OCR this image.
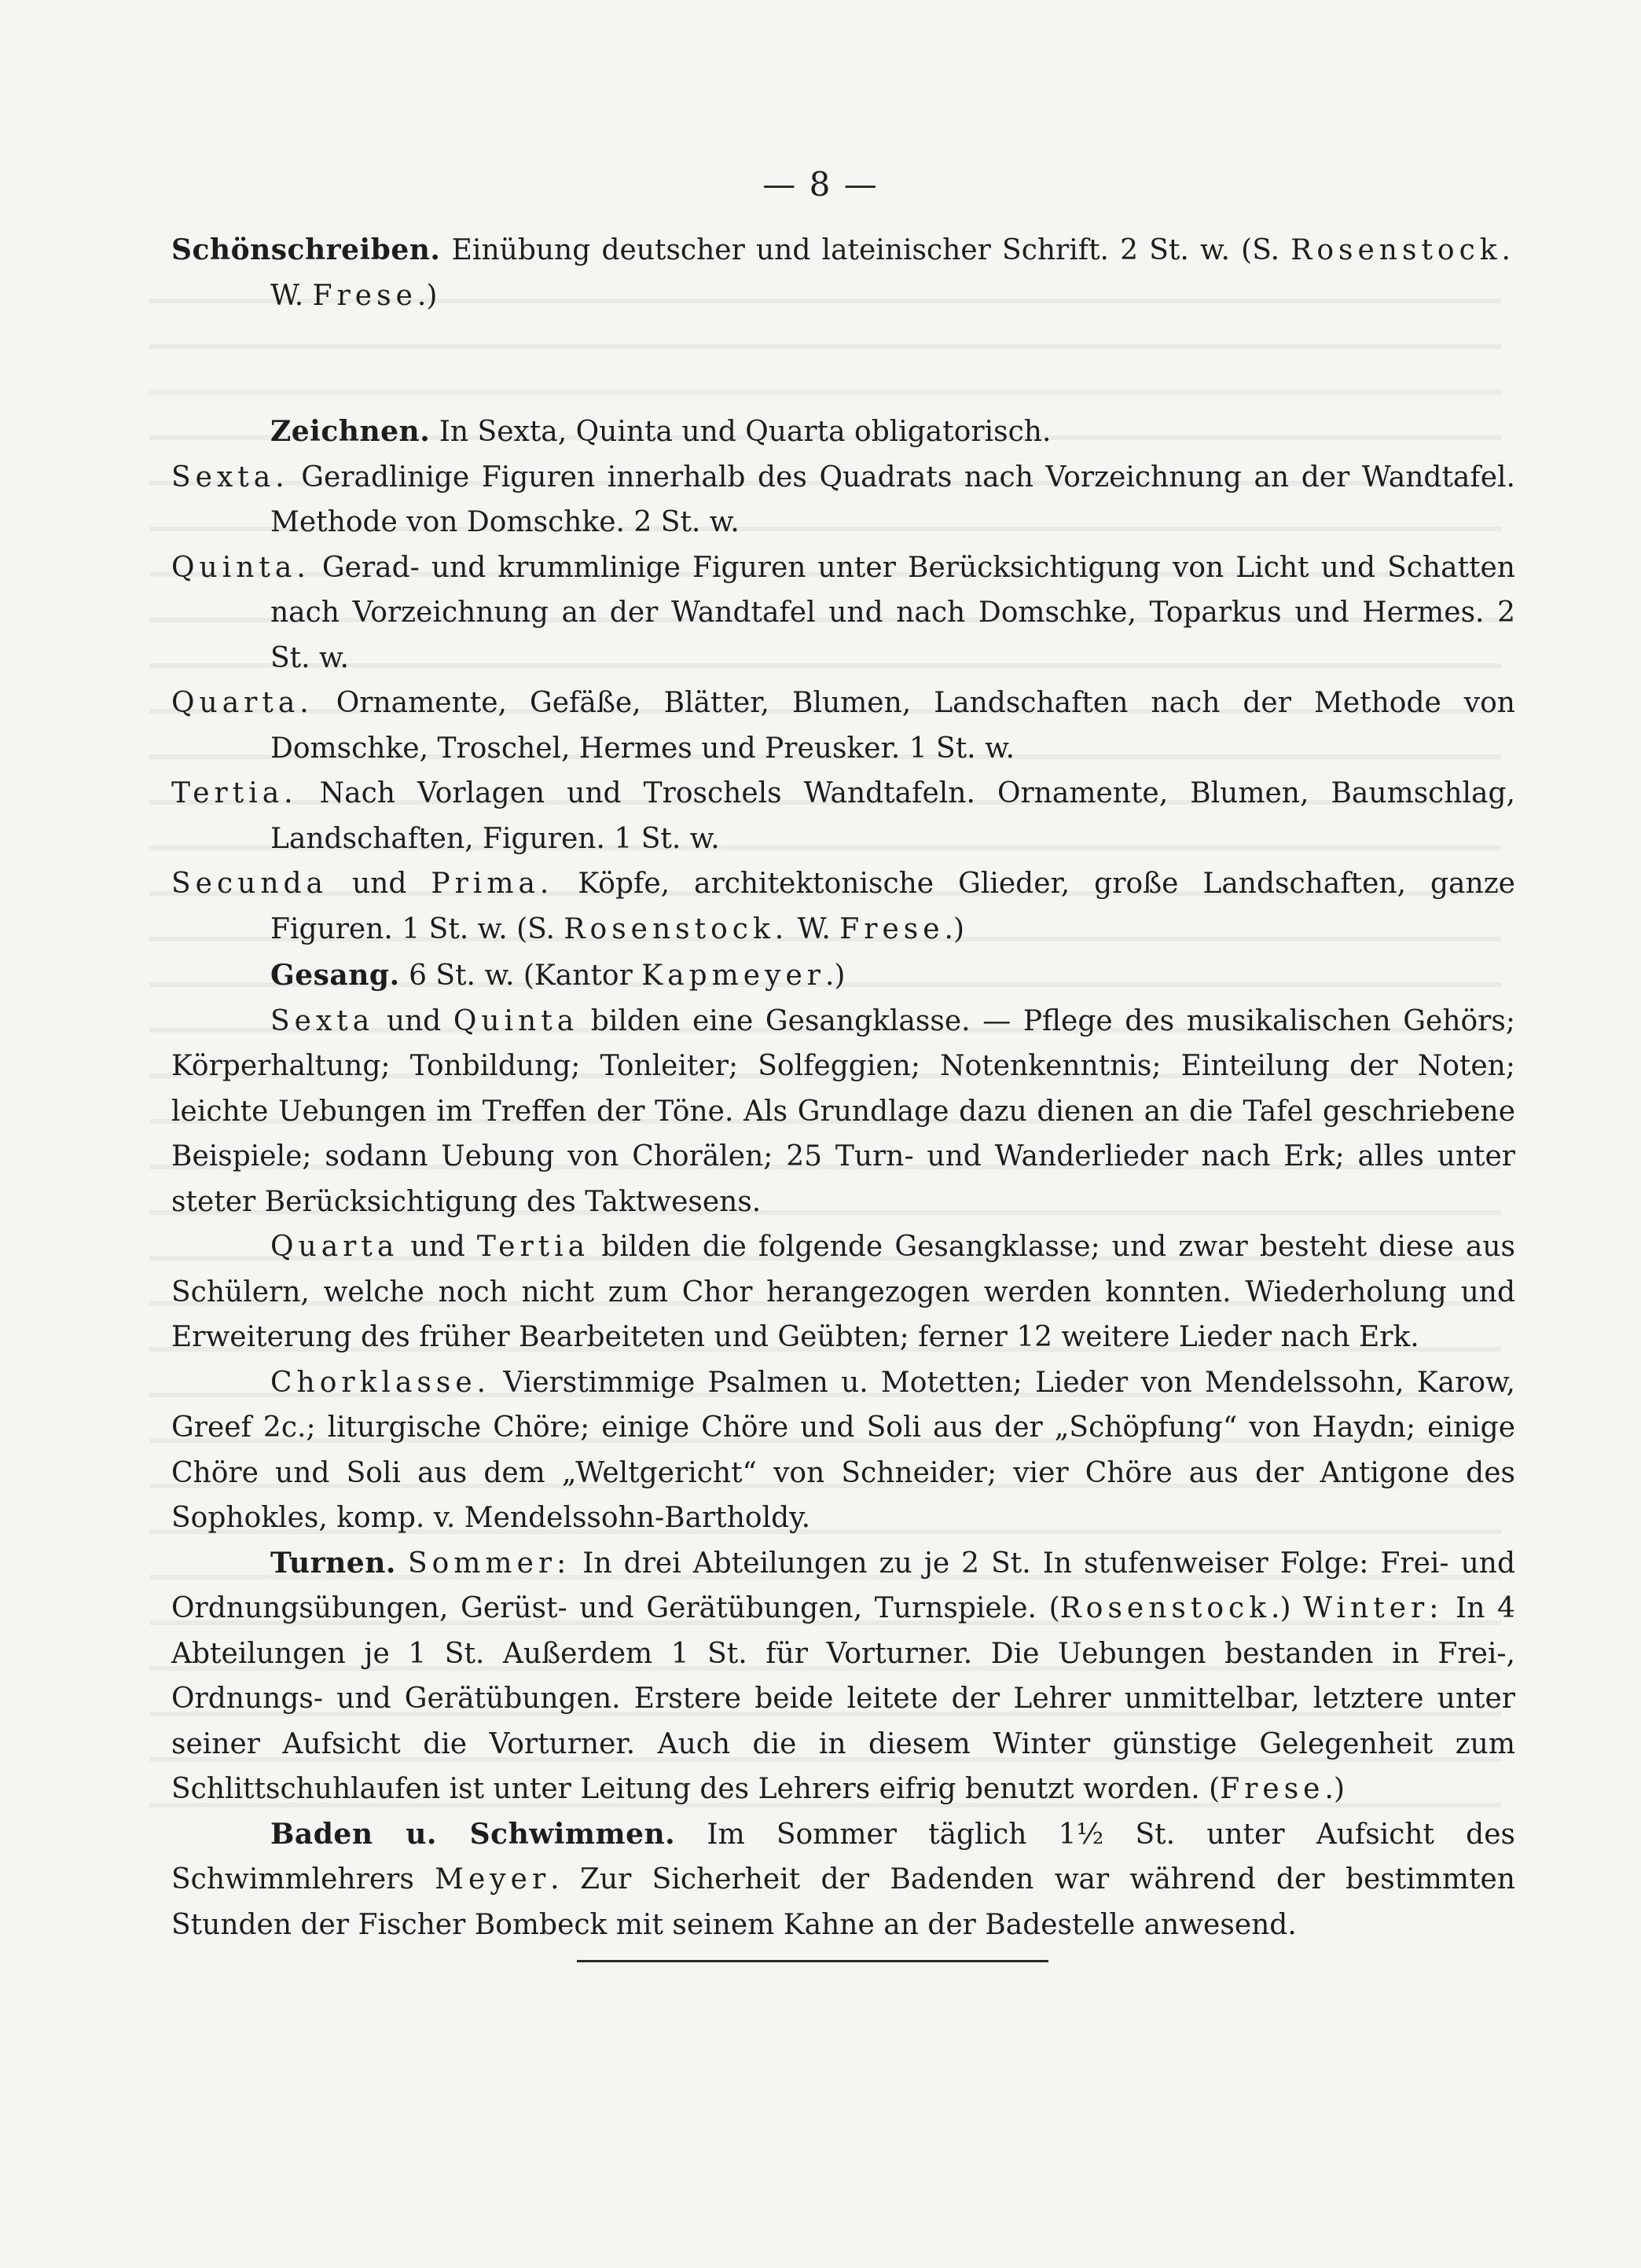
— 8 —

Schönschreiben. Einübung deutscher und lateinischer Schrift. 2 St. w. (S. Rosenstock. W. Frese.)

Zeichnen. In Sexta, Quinta und Quarta obligatorisch.

Sexta. Geradlinige Figuren innerhalb des Quadrats nach Vorzeichnung an der Wandtafel. Methode von Domschke. 2 St. w.

Quinta. Gerad- und krummlinige Figuren unter Berücksichtigung von Licht und Schatten nach Vorzeichnung an der Wandtafel und nach Domschke, Toparkus und Hermes. 2 St. w.

Quarta. Ornamente, Gefäße, Blätter, Blumen, Landschaften nach der Methode von Domschke, Troschel, Hermes und Preusker. 1 St. w.

Tertia. Nach Vorlagen und Troschels Wandtafeln. Ornamente, Blumen, Baumschlag, Landschaften, Figuren. 1 St. w.

Secunda und Prima. Köpfe, architektonische Glieder, große Landschaften, ganze Figuren. 1 St. w. (S. Rosenstock. W. Frese.)

Gesang. 6 St. w. (Kantor Kapmeyer.)

Sexta und Quinta bilden eine Gesangklasse. — Pflege des musikalischen Gehörs; Körperhaltung; Tonbildung; Tonleiter; Solfeggien; Notenkenntnis; Einteilung der Noten; leichte Uebungen im Treffen der Töne. Als Grundlage dazu dienen an die Tafel geschriebene Beispiele; sodann Uebung von Chorälen; 25 Turn- und Wanderlieder nach Erk; alles unter steter Berücksichtigung des Taktwesens.

Quarta und Tertia bilden die folgende Gesangklasse; und zwar besteht diese aus Schülern, welche noch nicht zum Chor herangezogen werden konnten. Wiederholung und Erweiterung des früher Bearbeiteten und Geübten; ferner 12 weitere Lieder nach Erk.

Chorklasse. Vierstimmige Psalmen u. Motetten; Lieder von Mendelssohn, Karow, Greef 2c.; liturgische Chöre; einige Chöre und Soli aus der „Schöpfung“ von Haydn; einige Chöre und Soli aus dem „Weltgericht“ von Schneider; vier Chöre aus der Antigone des Sophokles, komp. v. Mendelssohn-Bartholdy.

Turnen. Sommer: In drei Abteilungen zu je 2 St. In stufenweiser Folge: Frei- und Ordnungsübungen, Gerüst- und Gerätübungen, Turnspiele. (Rosenstock.) Winter: In 4 Abteilungen je 1 St. Außerdem 1 St. für Vorturner. Die Uebungen bestanden in Frei-, Ordnungs- und Gerätübungen. Erstere beide leitete der Lehrer unmittelbar, letztere unter seiner Aufsicht die Vorturner. Auch die in diesem Winter günstige Gelegenheit zum Schlittschuhlaufen ist unter Leitung des Lehrers eifrig benutzt worden. (Frese.)

Baden u. Schwimmen. Im Sommer täglich 1½ St. unter Aufsicht des Schwimmlehrers Meyer. Zur Sicherheit der Badenden war während der bestimmten Stunden der Fischer Bombeck mit seinem Kahne an der Badestelle anwesend.
